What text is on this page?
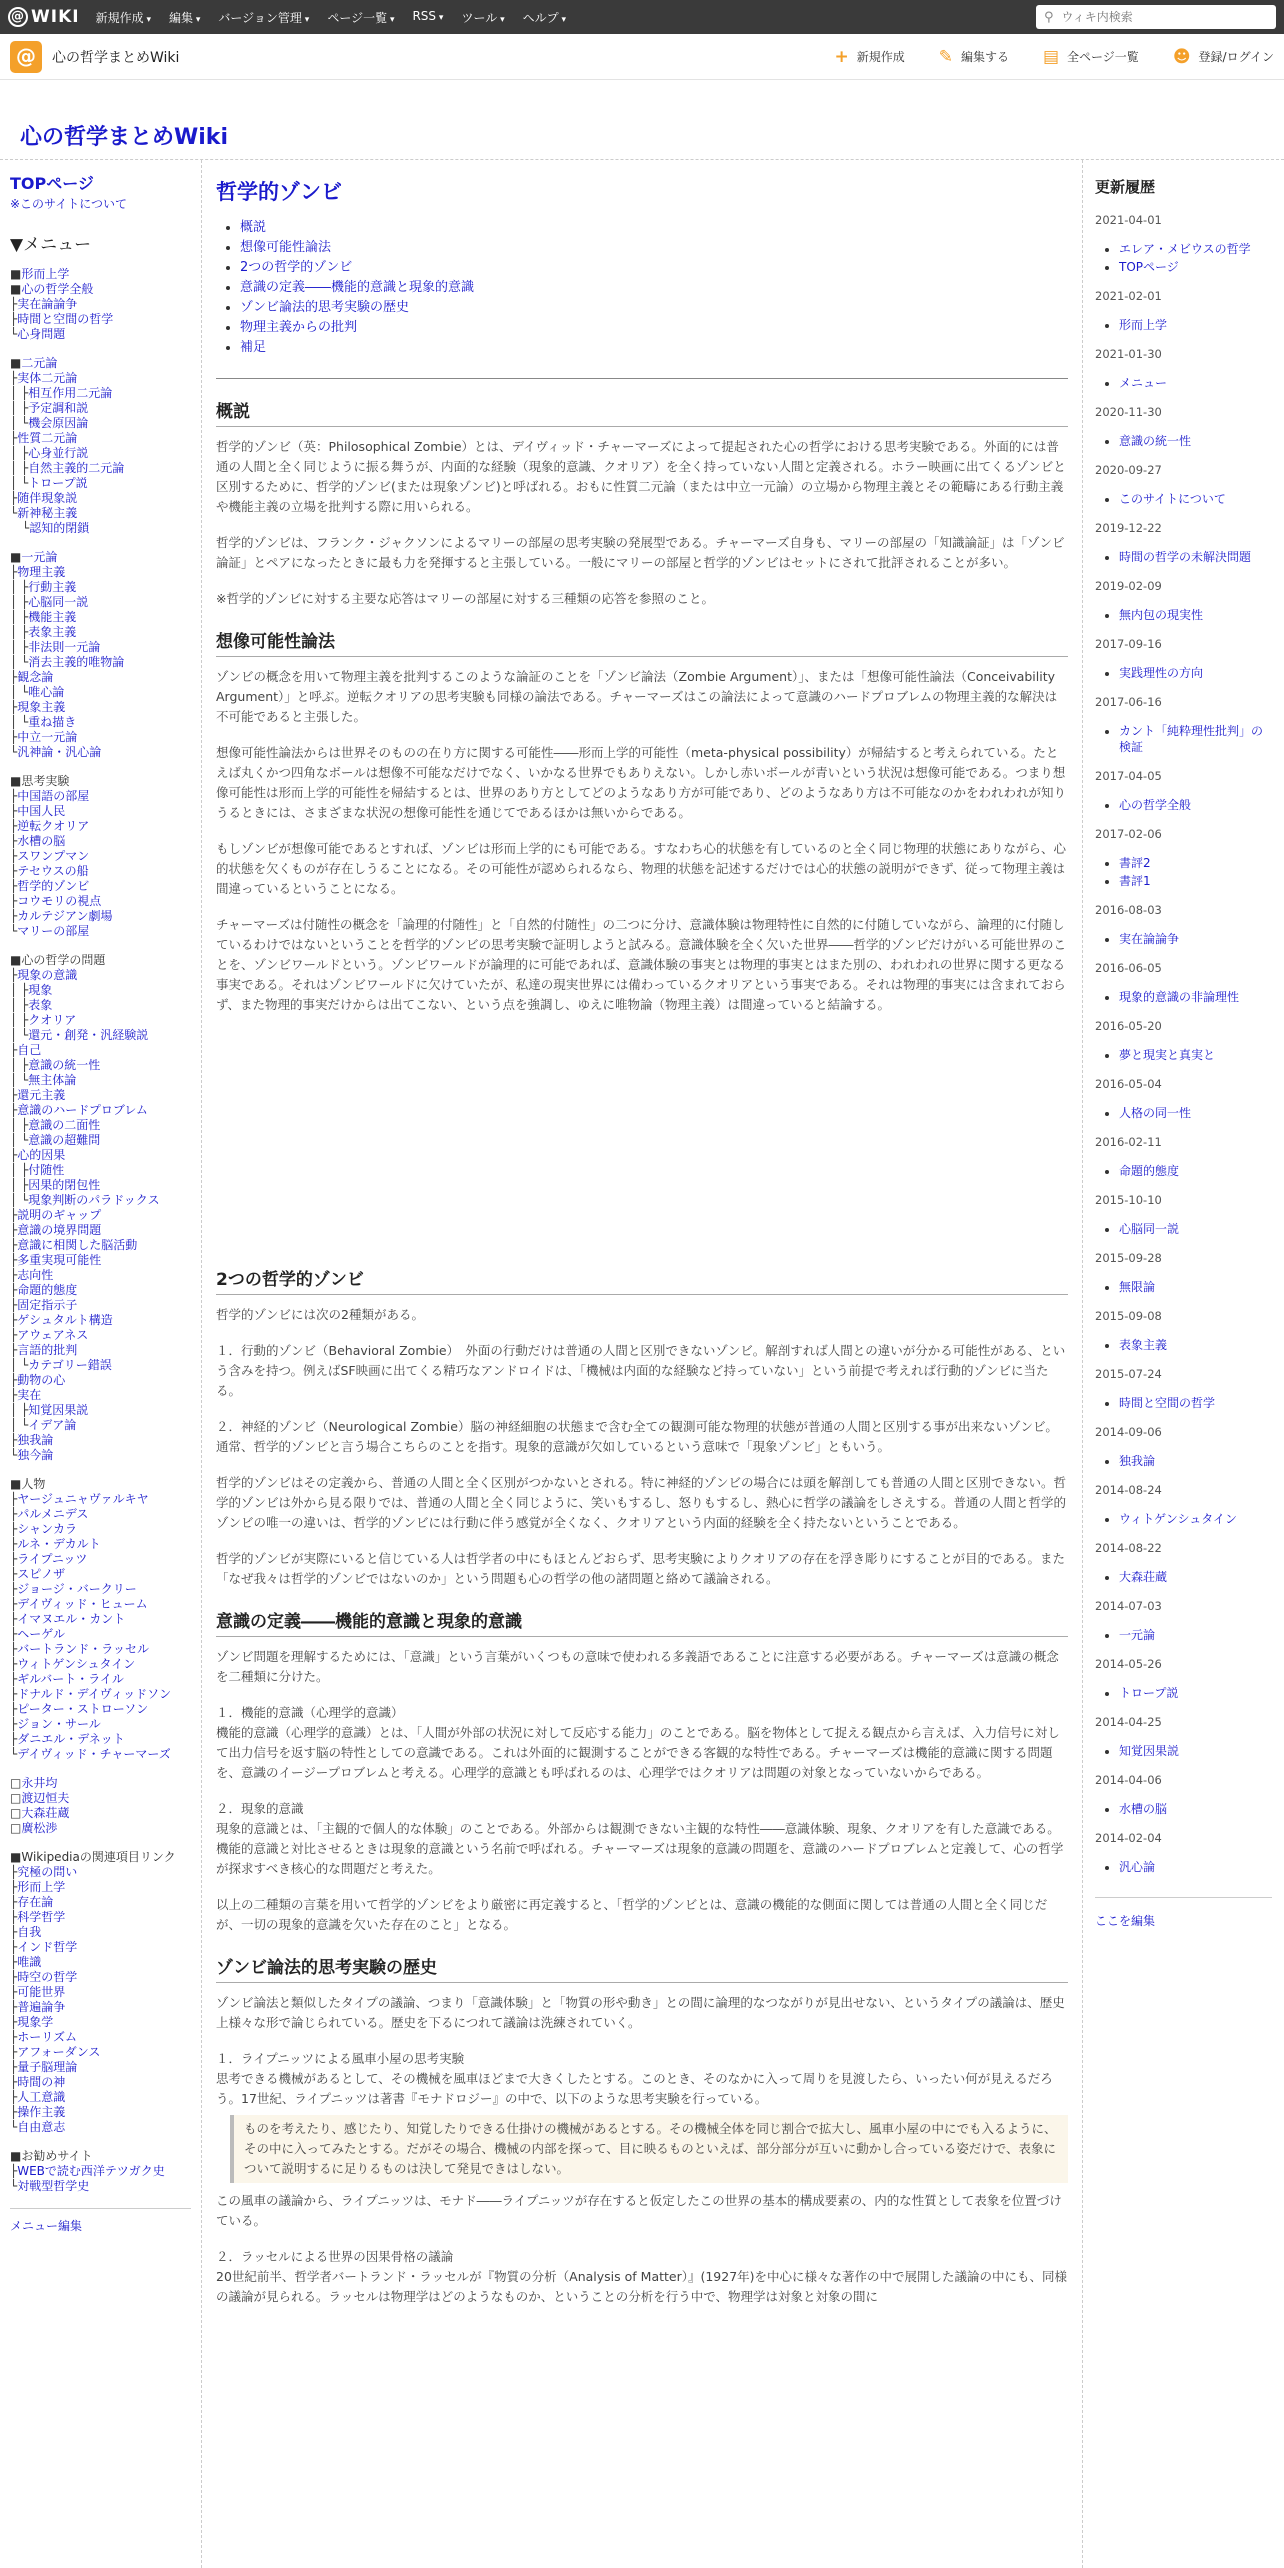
@ WIKI 新規作成 ▾	編集 ▾	バージョン管理 ▾	ページ一覧 ▾	RSS ▾	ツール ▾	ヘルプ ▾	⚲
ウィキ内検索
@	心の哲学まとめWiki	+ 新規作成 ✎ 編集する ▤ 全ページ一覧 ☻ 登録/ログイン
心の哲学まとめWiki
TOPページ
※このサイトについて
▼メニュー
■形而上学
■心の哲学全般
├実在論論争
├時間と空間の哲学
└心身問題
■二元論
├実体二元論
│ ├相互作用二元論
│ ├予定調和説
│ └機会原因論
├性質二元論
│ ├心身並行説
│ ├自然主義的二元論
│ └トロープ説
├随伴現象説
└新神秘主義
　└認知的閉鎖
■一元論
├物理主義
│ ├行動主義
│ ├心脳同一説
│ ├機能主義
│ ├表象主義
│ ├非法則一元論
│ └消去主義的唯物論
├観念論
│ └唯心論
├現象主義
│ └重ね描き
├中立一元論
└汎神論・汎心論
■思考実験
├中国語の部屋
├中国人民
├逆転クオリア
├水槽の脳
├スワンプマン
├テセウスの船
├哲学的ゾンビ
├コウモリの視点
├カルテジアン劇場
└マリーの部屋
■心の哲学の問題
├現象の意識
│ ├現象
│ ├表象
│ ├クオリア
│ └還元・創発・汎経験説
├自己
│ ├意識の統一性
│ └無主体論
├還元主義
├意識のハードプロブレム
│ ├意識の二面性
│ └意識の超難問
├心的因果
│ ├付随性
│ ├因果的閉包性
│ └現象判断のパラドックス
├説明のギャップ
├意識の境界問題
├意識に相関した脳活動
├多重実現可能性
├志向性
├命題的態度
├固定指示子
├ゲシュタルト構造
├アウェアネス
├言語的批判
│ └カテゴリー錯誤
├動物の心
├実在
│ ├知覚因果説
│ └イデア論
├独我論
└独今論
■人物
├ヤージュニャヴァルキヤ
├パルメニデス
├シャンカラ
├ルネ・デカルト
├ライプニッツ
├スピノザ
├ジョージ・バークリー
├デイヴィッド・ヒューム
├イマヌエル・カント
├ヘーゲル
├バートランド・ラッセル
├ウィトゲンシュタイン
├ギルバート・ライル
├ドナルド・デイヴィッドソン
├ピーター・ストローソン
├ジョン・サール
├ダニエル・デネット
└デイヴィッド・チャーマーズ
□永井均
□渡辺恒夫
□大森荘蔵
□廣松渉
■Wikipediaの関連項目リンク
├究極の問い
├形而上学
├存在論
├科学哲学
├自我
├インド哲学
├唯識
├時空の哲学
├可能世界
├普遍論争
├現象学
├ホーリズム
├アフォーダンス
├量子脳理論
├時間の神
├人工意識
├操作主義
└自由意志
■お勧めサイト
├WEBで読む西洋テツガク史
└対戦型哲学史
メニュー編集
哲学的ゾンビ
• 概説
• 想像可能性論法
• 2つの哲学的ゾンビ
• 意識の定義――機能的意識と現象的意識
• ゾンビ論法的思考実験の歴史
• 物理主義からの批判
• 補足
概説

哲学的ゾンビ（英：Philosophical Zombie）とは、デイヴィッド・チャーマーズによって提起された心の哲学における思考実験である。外面的には普通の人間と全く同じように振る舞うが、内面的な経験（現象的意識、クオリア）を全く持っていない人間と定義される。ホラー映画に出てくるゾンビと区別するために、哲学的ゾンビ(または現象ゾンビ)と呼ばれる。おもに性質二元論（または中立一元論）の立場から物理主義とその範疇にある行動主義や機能主義の立場を批判する際に用いられる。

哲学的ゾンビは、フランク・ジャクソンによるマリーの部屋の思考実験の発展型である。チャーマーズ自身も、マリーの部屋の「知識論証」は「ゾンビ論証」とペアになったときに最も力を発揮すると主張している。一般にマリーの部屋と哲学的ゾンビはセットにされて批評されることが多い。

※哲学的ゾンビに対する主要な応答はマリーの部屋に対する三種類の応答を参照のこと。

想像可能性論法

ゾンビの概念を用いて物理主義を批判するこのような論証のことを「ゾンビ論法（Zombie Argument）」、または「想像可能性論法（Conceivability Argument）」と呼ぶ。逆転クオリアの思考実験も同様の論法である。チャーマーズはこの論法によって意識のハードプロブレムの物理主義的な解決は不可能であると主張した。

想像可能性論法からは世界そのものの在り方に関する可能性――形而上学的可能性（meta-physical possibility）が帰結すると考えられている。たとえば丸くかつ四角なボールは想像不可能なだけでなく、いかなる世界でもありえない。しかし赤いボールが青いという状況は想像可能である。つまり想像可能性は形而上学的可能性を帰結するとは、世界のあり方としてどのようなあり方が可能であり、どのようなあり方は不可能なのかをわれわれが知りうるときには、さまざまな状況の想像可能性を通じてであるほかは無いからである。

もしゾンビが想像可能であるとすれば、ゾンビは形而上学的にも可能である。すなわち心的状態を有しているのと全く同じ物理的状態にありながら、心的状態を欠くものが存在しうることになる。その可能性が認められるなら、物理的状態を記述するだけでは心的状態の説明ができず、従って物理主義は間違っているということになる。

チャーマーズは付随性の概念を「論理的付随性」と「自然的付随性」の二つに分け、意識体験は物理特性に自然的に付随していながら、論理的に付随しているわけではないということを哲学的ゾンビの思考実験で証明しようと試みる。意識体験を全く欠いた世界――哲学的ゾンビだけがいる可能世界のことを、ゾンビワールドという。ゾンビワールドが論理的に可能であれば、意識体験の事実とは物理的事実とはまた別の、われわれの世界に関する更なる事実である。それはゾンビワールドに欠けていたが、私達の現実世界には備わっているクオリアという事実である。それは物理的事実には含まれておらず、また物理的事実だけからは出てこない、という点を強調し、ゆえに唯物論（物理主義）は間違っていると結論する。

2つの哲学的ゾンビ

哲学的ゾンビには次の2種類がある。

１．行動的ゾンビ（Behavioral Zombie）　外面の行動だけは普通の人間と区別できないゾンビ。解剖すれば人間との違いが分かる可能性がある、という含みを持つ。例えばSF映画に出てくる精巧なアンドロイドは、「機械は内面的な経験など持っていない」という前提で考えれば行動的ゾンビに当たる。

２．神経的ゾンビ（Neurological Zombie）脳の神経細胞の状態まで含む全ての観測可能な物理的状態が普通の人間と区別する事が出来ないゾンビ。通常、哲学的ゾンビと言う場合こちらのことを指す。現象的意識が欠如しているという意味で「現象ゾンビ」ともいう。

哲学的ゾンビはその定義から、普通の人間と全く区別がつかないとされる。特に神経的ゾンビの場合には頭を解剖しても普通の人間と区別できない。哲学的ゾンビは外から見る限りでは、普通の人間と全く同じように、笑いもするし、怒りもするし、熱心に哲学の議論をしさえする。普通の人間と哲学的ゾンビの唯一の違いは、哲学的ゾンビには行動に伴う感覚が全くなく、クオリアという内面的経験を全く持たないということである。

哲学的ゾンビが実際にいると信じている人は哲学者の中にもほとんどおらず、思考実験によりクオリアの存在を浮き彫りにすることが目的である。また「なぜ我々は哲学的ゾンビではないのか」という問題も心の哲学の他の諸問題と絡めて議論される。

意識の定義――機能的意識と現象的意識

ゾンビ問題を理解するためには、「意識」という言葉がいくつもの意味で使われる多義語であることに注意する必要がある。チャーマーズは意識の概念を二種類に分けた。

１．機能的意識（心理学的意識）
機能的意識（心理学的意識）とは、「人間が外部の状況に対して反応する能力」のことである。脳を物体として捉える観点から言えば、入力信号に対して出力信号を返す脳の特性としての意識である。これは外面的に観測することができる客観的な特性である。チャーマーズは機能的意識に関する問題を、意識のイージープロブレムと考える。心理学的意識とも呼ばれるのは、心理学ではクオリアは問題の対象となっていないからである。

２．現象的意識
現象的意識とは、「主観的で個人的な体験」のことである。外部からは観測できない主観的な特性――意識体験、現象、クオリアを有した意識である。機能的意識と対比させるときは現象的意識という名前で呼ばれる。チャーマーズは現象的意識の問題を、意識のハードプロブレムと定義して、心の哲学が探求すべき核心的な問題だと考えた。

以上の二種類の言葉を用いて哲学的ゾンビをより厳密に再定義すると、「哲学的ゾンビとは、意識の機能的な側面に関しては普通の人間と全く同じだが、一切の現象的意識を欠いた存在のこと」となる。

ゾンビ論法的思考実験の歴史

ゾンビ論法と類似したタイプの議論、つまり「意識体験」と「物質の形や動き」との間に論理的なつながりが見出せない、というタイプの議論は、歴史上様々な形で論じられている。歴史を下るにつれて議論は洗練されていく。

１．ライプニッツによる風車小屋の思考実験
思考できる機械があるとして、その機械を風車ほどまで大きくしたとする。このとき、そのなかに入って周りを見渡したら、いったい何が見えるだろう。17世紀、ライプニッツは著書『モナドロジー』の中で、以下のような思考実験を行っている。

ものを考えたり、感じたり、知覚したりできる仕掛けの機械があるとする。その機械全体を同じ割合で拡大し、風車小屋の中にでも入るように、その中に入ってみたとする。だがその場合、機械の内部を探って、目に映るものといえば、部分部分が互いに動かし合っている姿だけで、表象について説明するに足りるものは決して発見できはしない。

この風車の議論から、ライプニッツは、モナド――ライプニッツが存在すると仮定したこの世界の基本的構成要素の、内的な性質として表象を位置づけている。

２．ラッセルによる世界の因果骨格の議論
20世紀前半、哲学者バートランド・ラッセルが『物質の分析（Analysis of Matter）』(1927年)を中心に様々な著作の中で展開した議論の中にも、同様の議論が見られる。ラッセルは物理学はどのようなものか、ということの分析を行う中で、物理学は対象と対象の間に

更新履歴
2021-04-01
• エレア・メビウスの哲学
• TOPページ
2021-02-01
• 形而上学
2021-01-30
• メニュー
2020-11-30
• 意識の統一性
2020-09-27
• このサイトについて
2019-12-22
• 時間の哲学の未解決問題
2019-02-09
• 無内包の現実性
2017-09-16
• 実践理性の方向
2017-06-16
• カント「純粋理性批判」の検証
2017-04-05
• 心の哲学全般
2017-02-06
• 書評2
• 書評1
2016-08-03
• 実在論論争
2016-06-05
• 現象的意識の非論理性
2016-05-20
• 夢と現実と真実と
2016-05-04
• 人格の同一性
2016-02-11
• 命題的態度
2015-10-10
• 心脳同一説
2015-09-28
• 無限論
2015-09-08
• 表象主義
2015-07-24
• 時間と空間の哲学
2014-09-06
• 独我論
2014-08-24
• ウィトゲンシュタイン
2014-08-22
• 大森荘蔵
2014-07-03
• 一元論
2014-05-26
• トロープ説
2014-04-25
• 知覚因果説
2014-04-06
• 水槽の脳
2014-02-04
• 汎心論
ここを編集
